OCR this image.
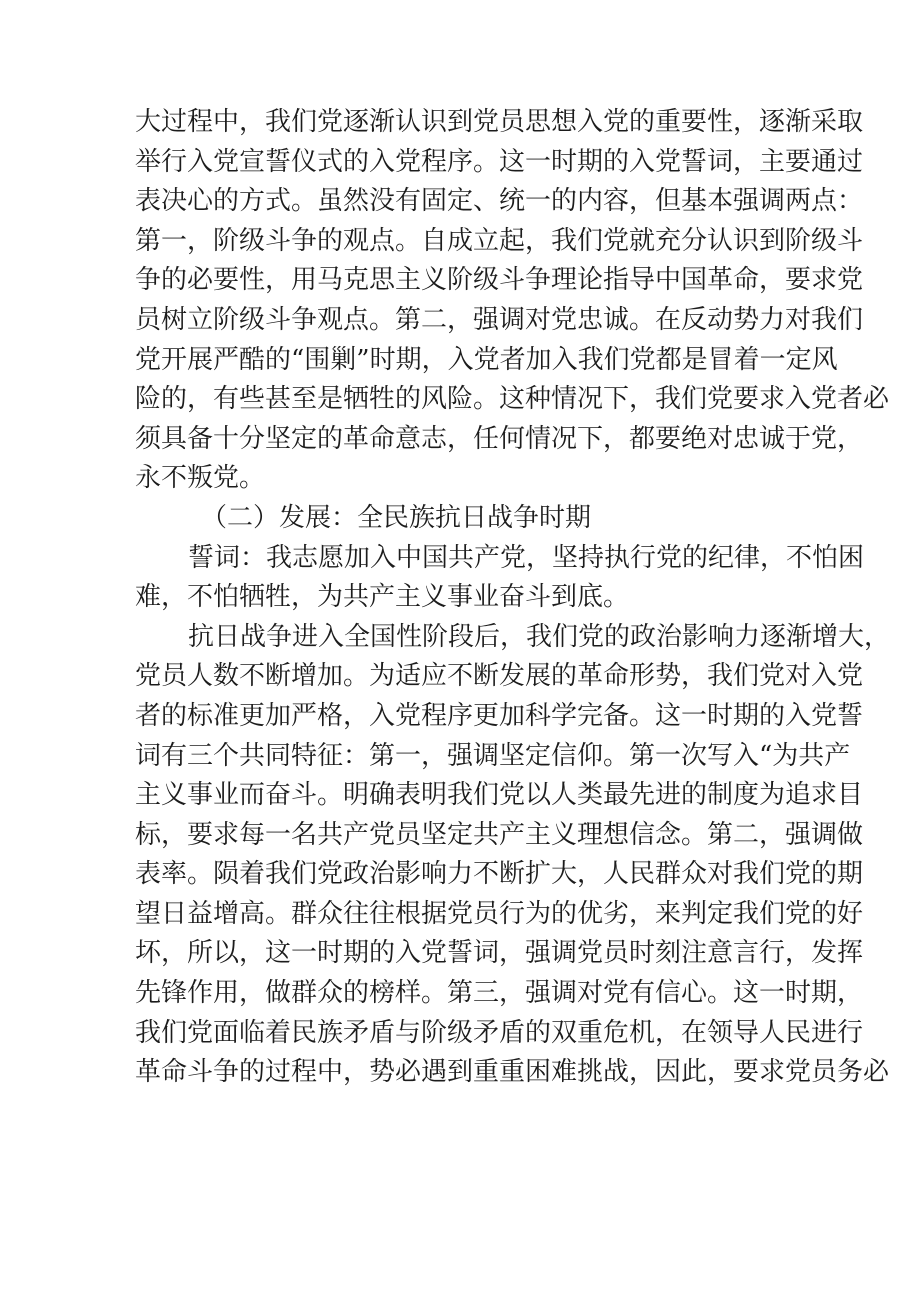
大过程中，我们党逐渐认识到党员思想入党的重要性，逐渐采取
举行入党宣誓仪式的入党程序。这一时期的入党誓词，主要通过
表决心的方式。虽然没有固定、统一的内容，但基本强调两点：
第一，阶级斗争的观点。自成立起，我们党就充分认识到阶级斗
争的必要性，用马克思主义阶级斗争理论指导中国革命，要求党
员树立阶级斗争观点。第二，强调对党忠诚。在反动势力对我们
党开展严酷的“围剿”时期，入党者加入我们党都是冒着一定风
险的，有些甚至是牺牲的风险。这种情况下，我们党要求入党者必
须具备十分坚定的革命意志，任何情况下，都要绝对忠诚于党，
永不叛党。
（二）发展：全民族抗日战争时期
誓词：我志愿加入中国共产党，坚持执行党的纪律，不怕困
难，不怕牺牲，为共产主义事业奋斗到底。
抗日战争进入全国性阶段后，我们党的政治影响力逐渐增大，
党员人数不断增加。为适应不断发展的革命形势，我们党对入党
者的标准更加严格，入党程序更加科学完备。这一时期的入党誓
词有三个共同特征：第一，强调坚定信仰。第一次写入“为共产
主义事业而奋斗。明确表明我们党以人类最先进的制度为追求目
标，要求每一名共产党员坚定共产主义理想信念。第二，强调做
表率。陨着我们党政治影响力不断扩大，人民群众对我们党的期
望日益增高。群众往往根据党员行为的优劣，来判定我们党的好
坏，所以，这一时期的入党誓词，强调党员时刻注意言行，发挥
先锋作用，做群众的榜样。第三，强调对党有信心。这一时期，
我们党面临着民族矛盾与阶级矛盾的双重危机，在领导人民进行
革命斗争的过程中，势必遇到重重困难挑战，因此，要求党员务必
